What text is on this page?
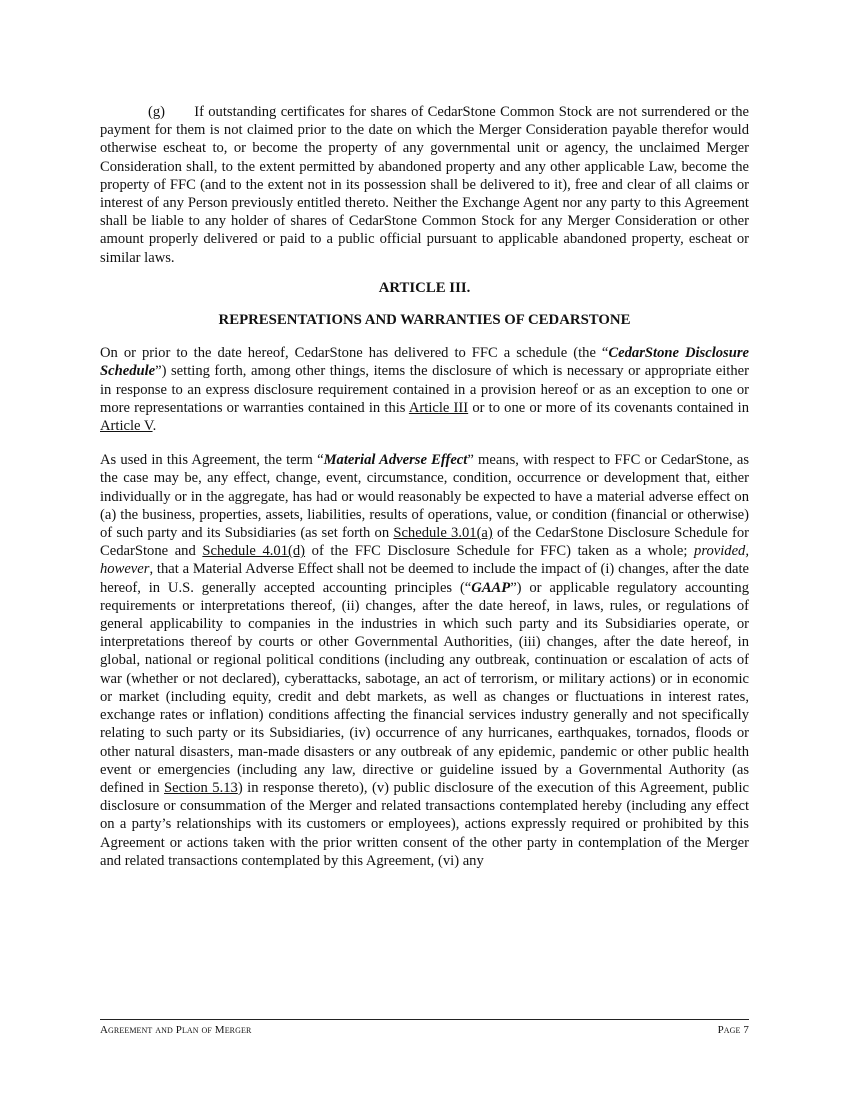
(g)  If outstanding certificates for shares of CedarStone Common Stock are not surrendered or the payment for them is not claimed prior to the date on which the Merger Consideration payable therefor would otherwise escheat to, or become the property of any governmental unit or agency, the unclaimed Merger Consideration shall, to the extent permitted by abandoned property and any other applicable Law, become the property of FFC (and to the extent not in its possession shall be delivered to it), free and clear of all claims or interest of any Person previously entitled thereto. Neither the Exchange Agent nor any party to this Agreement shall be liable to any holder of shares of CedarStone Common Stock for any Merger Consideration or other amount properly delivered or paid to a public official pursuant to applicable abandoned property, escheat or similar laws.

ARTICLE III.

REPRESENTATIONS AND WARRANTIES OF CEDARSTONE

On or prior to the date hereof, CedarStone has delivered to FFC a schedule (the “CedarStone Disclosure Schedule”) setting forth, among other things, items the disclosure of which is necessary or appropriate either in response to an express disclosure requirement contained in a provision hereof or as an exception to one or more representations or warranties contained in this Article III or to one or more of its covenants contained in Article V.

As used in this Agreement, the term “Material Adverse Effect” means, with respect to FFC or CedarStone, as the case may be, any effect, change, event, circumstance, condition, occurrence or development that, either individually or in the aggregate, has had or would reasonably be expected to have a material adverse effect on (a) the business, properties, assets, liabilities, results of operations, value, or condition (financial or otherwise) of such party and its Subsidiaries (as set forth on Schedule 3.01(a) of the CedarStone Disclosure Schedule for CedarStone and Schedule 4.01(d) of the FFC Disclosure Schedule for FFC) taken as a whole; provided, however, that a Material Adverse Effect shall not be deemed to include the impact of (i) changes, after the date hereof, in U.S. generally accepted accounting principles (“GAAP”) or applicable regulatory accounting requirements or interpretations thereof, (ii) changes, after the date hereof, in laws, rules, or regulations of general applicability to companies in the industries in which such party and its Subsidiaries operate, or interpretations thereof by courts or other Governmental Authorities, (iii) changes, after the date hereof, in global, national or regional political conditions (including any outbreak, continuation or escalation of acts of war (whether or not declared), cyberattacks, sabotage, an act of terrorism, or military actions) or in economic or market (including equity, credit and debt markets, as well as changes or fluctuations in interest rates, exchange rates or inflation) conditions affecting the financial services industry generally and not specifically relating to such party or its Subsidiaries, (iv) occurrence of any hurricanes, earthquakes, tornados, floods or other natural disasters, man-made disasters or any outbreak of any epidemic, pandemic or other public health event or emergencies (including any law, directive or guideline issued by a Governmental Authority (as defined in Section 5.13) in response thereto), (v) public disclosure of the execution of this Agreement, public disclosure or consummation of the Merger and related transactions contemplated hereby (including any effect on a party’s relationships with its customers or employees), actions expressly required or prohibited by this Agreement or actions taken with the prior written consent of the other party in contemplation of the Merger and related transactions contemplated by this Agreement, (vi) any

Agreement and Plan of Merger	Page 7
